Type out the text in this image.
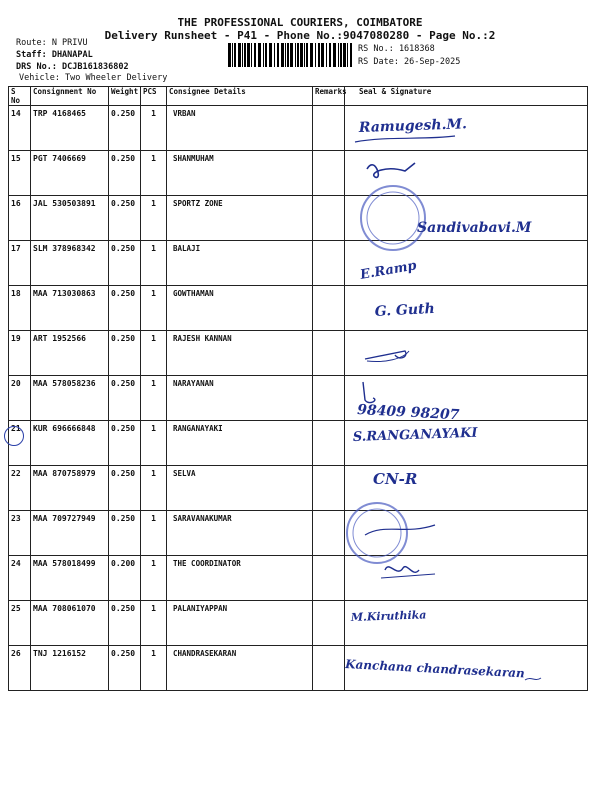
THE PROFESSIONAL COURIERS, COIMBATORE
Delivery Runsheet - P41 - Phone No.:9047080280 - Page No.:2
Route: N PRIVU
Staff: DHANAPAL
DRS No.: DCJB161836802
Vehicle: Two Wheeler Delivery
RS No.: 1618368
RS Date: 26-Sep-2025
S No	Consignment No	Weight	PCS	Consignee Details	Remarks	Seal & Signature
14	TRP 4168465	0.250	1	VRBAN		Ramugesh.M.

15	PGT 7406669	0.250	1	SHANMUHAM		

16	JAL 530503891	0.250	1	SPORTZ ZONE		Sandivabavi.M

17	SLM 378968342	0.250	1	BALAJI		E.Ramp

18	MAA 713030863	0.250	1	GOWTHAMAN		G. Guth

19	ART 1952566	0.250	1	RAJESH KANNAN		

20	MAA 578058236	0.250	1	NARAYANAN		98409 98207

21	KUR 696666848	0.250	1	RANGANAYAKI		S.RANGANAYAKI

22	MAA 870758979	0.250	1	SELVA		CN-R

23	MAA 709727949	0.250	1	SARAVANAKUMAR		

24	MAA 578018499	0.200	1	THE COORDINATOR		

25	MAA 708061070	0.250	1	PALANIYAPPAN		M.Kiruthika

26	TNJ 1216152	0.250	1	CHANDRASEKARAN		Kanchana chandrasekaran
